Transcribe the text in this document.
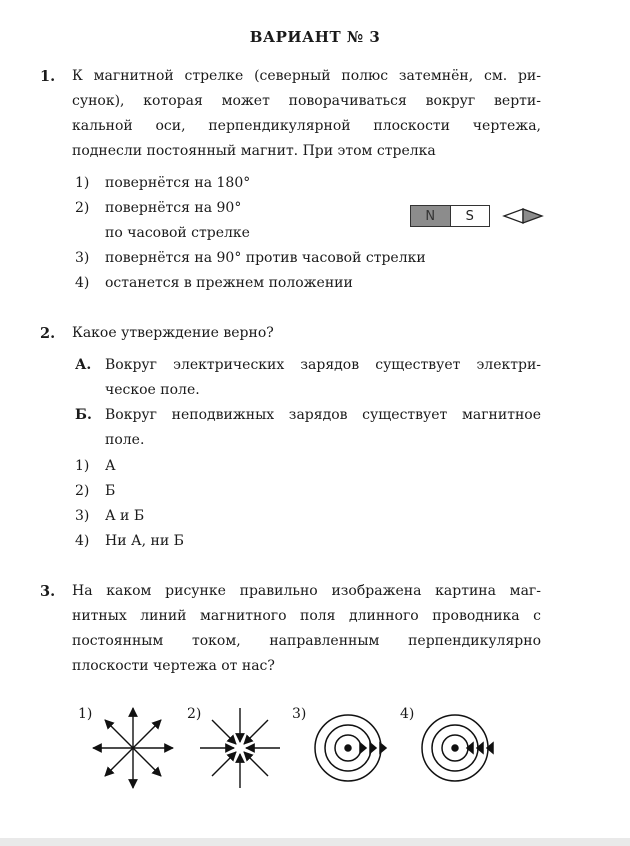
ВАРИАНТ № 3
1. К магнитной стрелке (северный полюс затемнён, см. ри-
сунок), которая может поворачиваться вокруг верти-
кальной оси, перпендикулярной плоскости чертежа,
поднесли постоянный магнит. При этом стрелка
1) повернётся на 180°
2) повернётся на 90°
по часовой стрелке
3) повернётся на 90° против часовой стрелки
4) останется в прежнем положении
N	S
2. Какое утверждение верно?
А. Вокруг электрических зарядов существует электри-
ческое поле.
Б. Вокруг неподвижных зарядов существует магнитное
поле.
1) А
2) Б
3) А и Б
4) Ни А, ни Б
3. На каком рисунке правильно изображена картина маг-
нитных линий магнитного поля длинного проводника с
постоянным током, направленным перпендикулярно
плоскости чертежа от нас?
1)	2)	3)	4)
